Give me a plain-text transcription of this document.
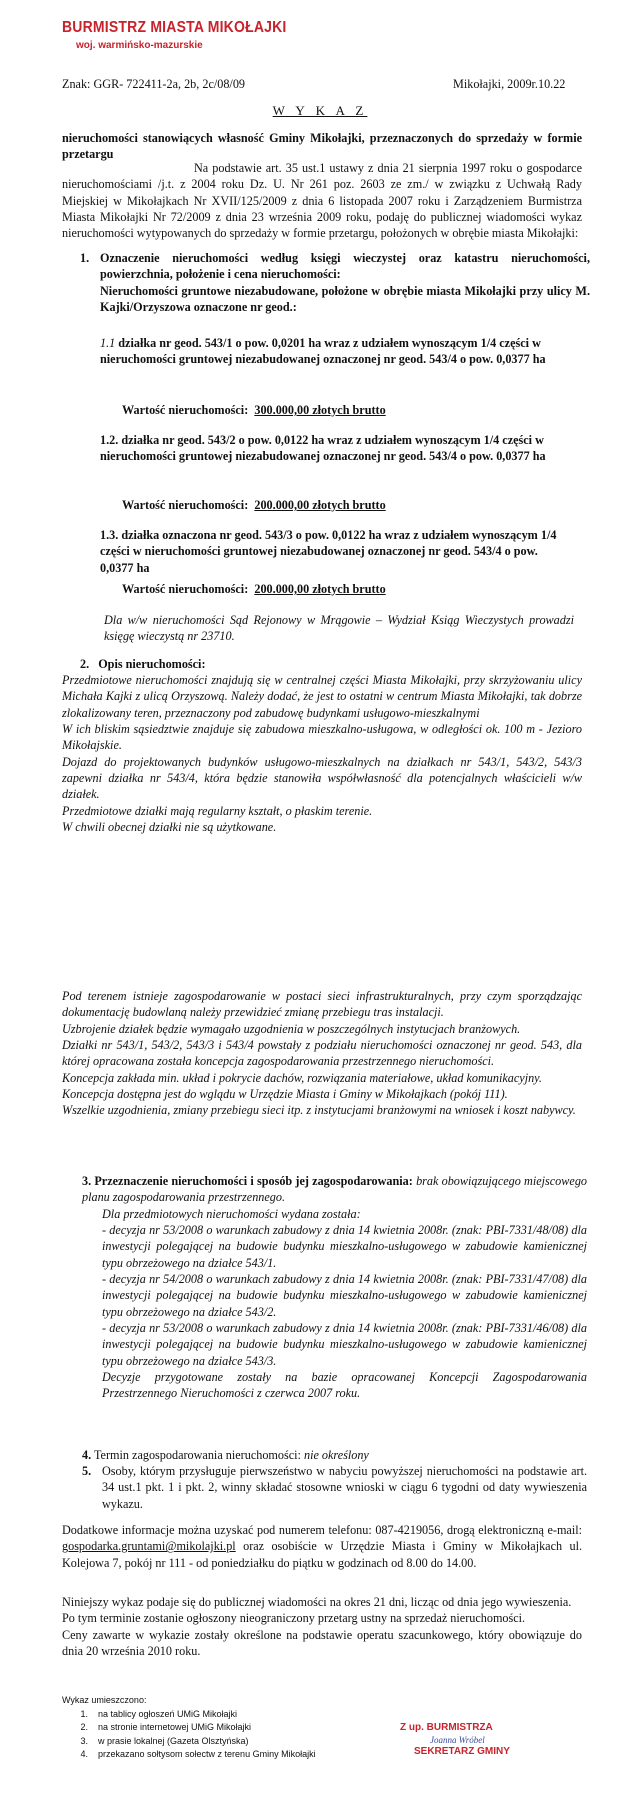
BURMISTRZ MIASTA MIKOŁAJKI
woj. warmińsko-mazurskie
Znak: GGR- 722411-2a, 2b, 2c/08/09	Mikołajki, 2009r.10.22
W Y K A Z
nieruchomości stanowiących własność Gminy Mikołajki, przeznaczonych do sprzedaży w formie przetargu

Na podstawie art. 35 ust.1 ustawy z dnia 21 sierpnia 1997 roku o gospodarce nieruchomościami /j.t. z 2004 roku Dz. U. Nr 261 poz. 2603 ze zm./ w związku z Uchwałą Rady Miejskiej w Mikołajkach Nr XVII/125/2009 z dnia 6 listopada 2007 roku i Zarządzeniem Burmistrza Miasta Mikołajki Nr 72/2009 z dnia 23 września 2009 roku, podaję do publicznej wiadomości wykaz nieruchomości wytypowanych do sprzedaży w formie przetargu, położonych w obrębie miasta Mikołajki:

1. Oznaczenie nieruchomości według księgi wieczystej oraz katastru nieruchomości, powierzchnia, położenie i cena nieruchomości:
Nieruchomości gruntowe niezabudowane, położone w obrębie miasta Mikołajki przy ulicy M. Kajki/Orzyszowa oznaczone nr geod.:
1.1 działka nr geod. 543/1 o pow. 0,0201 ha wraz z udziałem wynoszącym 1/4 części w nieruchomości gruntowej niezabudowanej oznaczonej nr geod. 543/4 o pow. 0,0377 ha
Wartość nieruchomości: 300.000,00 złotych brutto
1.2. działka nr geod. 543/2 o pow. 0,0122 ha wraz z udziałem wynoszącym 1/4 części w nieruchomości gruntowej niezabudowanej oznaczonej nr geod. 543/4 o pow. 0,0377 ha
Wartość nieruchomości: 200.000,00 złotych brutto
1.3. działka oznaczona nr geod. 543/3 o pow. 0,0122 ha wraz z udziałem wynoszącym 1/4 części w nieruchomości gruntowej niezabudowanej oznaczonej nr geod. 543/4 o pow. 0,0377 ha
Wartość nieruchomości: 200.000,00 złotych brutto
Dla w/w nieruchomości Sąd Rejonowy w Mrągowie – Wydział Ksiąg Wieczystych prowadzi księgę wieczystą nr 23710.
2. Opis nieruchomości:

Przedmiotowe nieruchomości znajdują się w centralnej części Miasta Mikołajki, przy skrzyżowaniu ulicy Michała Kajki z ulicą Orzyszową. Należy dodać, że jest to ostatni w centrum Miasta Mikołajki, tak dobrze zlokalizowany teren, przeznaczony pod zabudowę budynkami usługowo-mieszkalnymi

W ich bliskim sąsiedztwie znajduje się zabudowa mieszkalno-usługowa, w odległości ok. 100 m - Jezioro Mikołajskie.

Dojazd do projektowanych budynków usługowo-mieszkalnych na działkach nr 543/1, 543/2, 543/3 zapewni działka nr 543/4, która będzie stanowiła współwłasność dla potencjalnych właścicieli w/w działek.

Przedmiotowe działki mają regularny kształt, o płaskim terenie.

W chwili obecnej działki nie są użytkowane.

Pod terenem istnieje zagospodarowanie w postaci sieci infrastrukturalnych, przy czym sporządzając dokumentację budowlaną należy przewidzieć zmianę przebiegu tras instalacji.

Uzbrojenie działek będzie wymagało uzgodnienia w poszczególnych instytucjach branżowych.

Działki nr 543/1, 543/2, 543/3 i 543/4 powstały z podziału nieruchomości oznaczonej nr geod. 543, dla której opracowana została koncepcja zagospodarowania przestrzennego nieruchomości.

Koncepcja zakłada min. układ i pokrycie dachów, rozwiązania materiałowe, układ komunikacyjny.

Koncepcja dostępna jest do wglądu w Urzędzie Miasta i Gminy w Mikołajkach (pokój 111).

Wszelkie uzgodnienia, zmiany przebiegu sieci itp. z instytucjami branżowymi na wniosek i koszt nabywcy.

3. Przeznaczenie nieruchomości i sposób jej zagospodarowania: brak obowiązującego miejscowego planu zagospodarowania przestrzennego.

Dla przedmiotowych nieruchomości wydana została:

- decyzja nr 53/2008 o warunkach zabudowy z dnia 14 kwietnia 2008r. (znak: PBI-7331/48/08) dla inwestycji polegającej na budowie budynku mieszkalno-usługowego w zabudowie kamienicznej typu obrzeżowego na działce 543/1.

- decyzja nr 54/2008 o warunkach zabudowy z dnia 14 kwietnia 2008r. (znak: PBI-7331/47/08) dla inwestycji polegającej na budowie budynku mieszkalno-usługowego w zabudowie kamienicznej typu obrzeżowego na działce 543/2.

- decyzja nr 53/2008 o warunkach zabudowy z dnia 14 kwietnia 2008r. (znak: PBI-7331/46/08) dla inwestycji polegającej na budowie budynku mieszkalno-usługowego w zabudowie kamienicznej typu obrzeżowego na działce 543/3.

Decyzje przygotowane zostały na bazie opracowanej Koncepcji Zagospodarowania Przestrzennego Nieruchomości z czerwca 2007 roku.

4. Termin zagospodarowania nieruchomości: nie określony
5. Osoby, którym przysługuje pierwszeństwo w nabyciu powyższej nieruchomości na podstawie art. 34 ust.1 pkt. 1 i pkt. 2, winny składać stosowne wnioski w ciągu 6 tygodni od daty wywieszenia wykazu.
Dodatkowe informacje można uzyskać pod numerem telefonu: 087-4219056, drogą elektroniczną e-mail: gospodarka.gruntami@mikolajki.pl oraz osobiście w Urzędzie Miasta i Gminy w Mikołajkach ul. Kolejowa 7, pokój nr 111 - od poniedziałku do piątku w godzinach od 8.00 do 14.00.

Niniejszy wykaz podaje się do publicznej wiadomości na okres 21 dni, licząc od dnia jego wywieszenia.

Po tym terminie zostanie ogłoszony nieograniczony przetarg ustny na sprzedaż nieruchomości.

Ceny zawarte w wykazie zostały określone na podstawie operatu szacunkowego, który obowiązuje do dnia 20 września 2010 roku.

Wykaz umieszczono:
1.	na tablicy ogłoszeń UMiG Mikołajki
2.	na stronie internetowej UMiG Mikołajki
3.	w prasie lokalnej (Gazeta Olsztyńska)
4.	przekazano sołtysom sołectw z terenu Gminy Mikołajki
Z up. BURMISTRZA
Joanna Wróbel
SEKRETARZ GMINY
